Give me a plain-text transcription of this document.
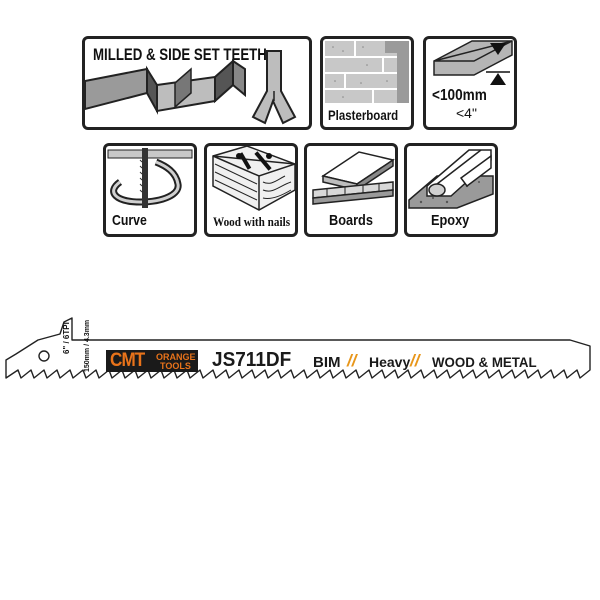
MILLED & SIDE SET TEETH
Plasterboard
<100mm
<4"
Curve	Wood with nails	Boards	Epoxy
6" / 6TPI 150mm / 4.3mm CMT	ORANGE
TOOLS JS711DF BIM // Heavy // WOOD & METAL
